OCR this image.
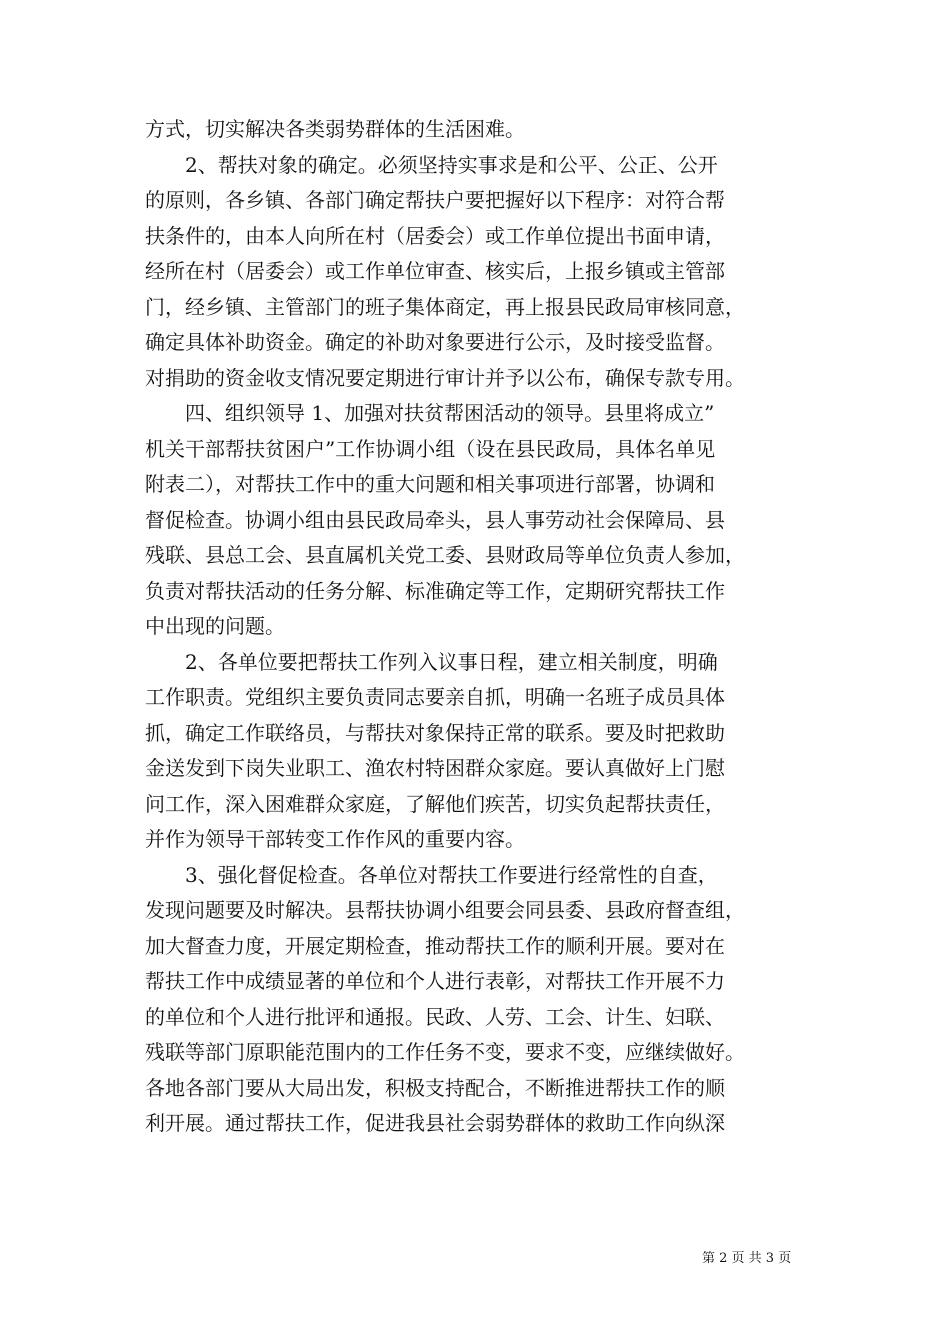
方式，切实解决各类弱势群体的生活困难。
　　2、帮扶对象的确定。必须坚持实事求是和公平、公正、公开
的原则，各乡镇、各部门确定帮扶户要把握好以下程序：对符合帮
扶条件的，由本人向所在村（居委会）或工作单位提出书面申请，
经所在村（居委会）或工作单位审查、核实后，上报乡镇或主管部
门，经乡镇、主管部门的班子集体商定，再上报县民政局审核同意，
确定具体补助资金。确定的补助对象要进行公示，及时接受监督。
对捐助的资金收支情况要定期进行审计并予以公布，确保专款专用。
　　四、组织领导 1、加强对扶贫帮困活动的领导。县里将成立”
机关干部帮扶贫困户”工作协调小组（设在县民政局，具体名单见
附表二），对帮扶工作中的重大问题和相关事项进行部署，协调和
督促检查。协调小组由县民政局牵头，县人事劳动社会保障局、县
残联、县总工会、县直属机关党工委、县财政局等单位负责人参加，
负责对帮扶活动的任务分解、标准确定等工作，定期研究帮扶工作
中出现的问题。
　　2、各单位要把帮扶工作列入议事日程，建立相关制度，明确
工作职责。党组织主要负责同志要亲自抓，明确一名班子成员具体
抓，确定工作联络员，与帮扶对象保持正常的联系。要及时把救助
金送发到下岗失业职工、渔农村特困群众家庭。要认真做好上门慰
问工作，深入困难群众家庭，了解他们疾苦，切实负起帮扶责任，
并作为领导干部转变工作作风的重要内容。
　　3、强化督促检查。各单位对帮扶工作要进行经常性的自查，
发现问题要及时解决。县帮扶协调小组要会同县委、县政府督查组，
加大督查力度，开展定期检查，推动帮扶工作的顺利开展。要对在
帮扶工作中成绩显著的单位和个人进行表彰，对帮扶工作开展不力
的单位和个人进行批评和通报。民政、人劳、工会、计生、妇联、
残联等部门原职能范围内的工作任务不变，要求不变，应继续做好。
各地各部门要从大局出发，积极支持配合，不断推进帮扶工作的顺
利开展。通过帮扶工作，促进我县社会弱势群体的救助工作向纵深
第 2 页 共 3 页
